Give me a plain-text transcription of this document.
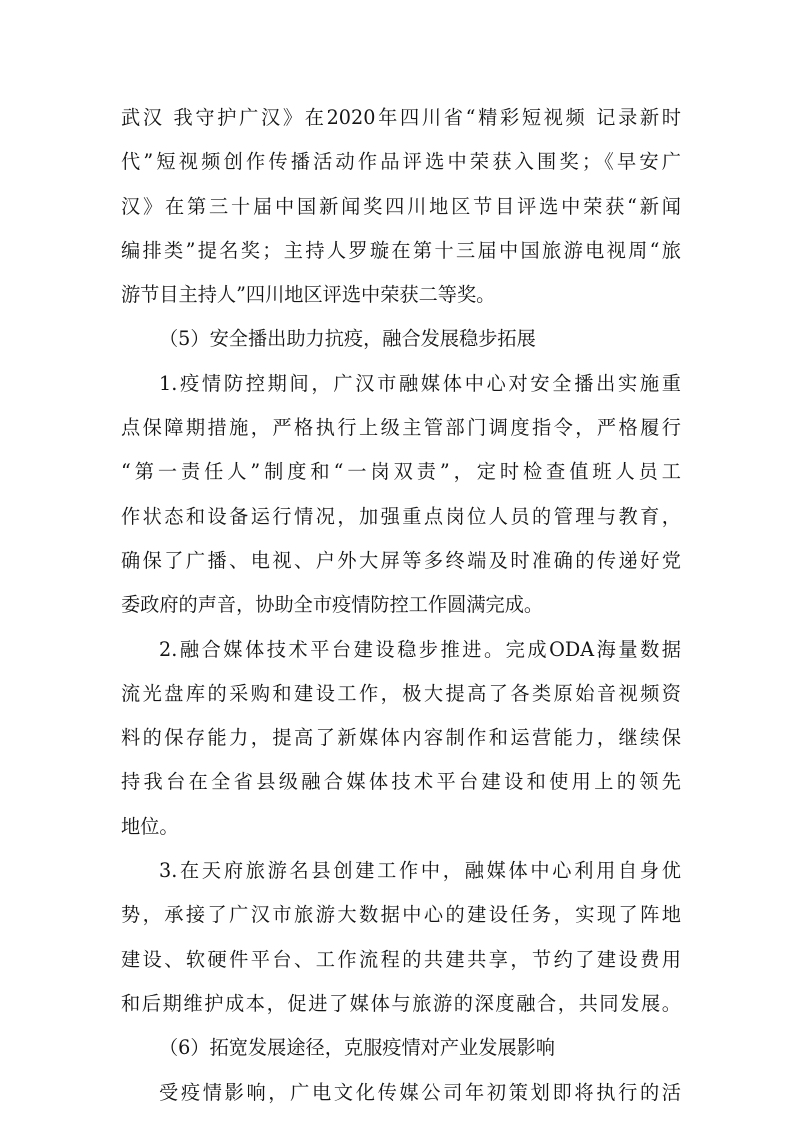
武汉 我守护广汉》在2020年四川省“精彩短视频 记录新时
代”短视频创作传播活动作品评选中荣获入围奖；《早安广
汉》在第三十届中国新闻奖四川地区节目评选中荣获“新闻
编排类”提名奖；主持人罗璇在第十三届中国旅游电视周“旅
游节目主持人”四川地区评选中荣获二等奖。
（5）安全播出助力抗疫，融合发展稳步拓展
1.疫情防控期间，广汉市融媒体中心对安全播出实施重
点保障期措施，严格执行上级主管部门调度指令，严格履行
“第一责任人”制度和“一岗双责”，定时检查值班人员工
作状态和设备运行情况，加强重点岗位人员的管理与教育，
确保了广播、电视、户外大屏等多终端及时准确的传递好党
委政府的声音，协助全市疫情防控工作圆满完成。
2.融合媒体技术平台建设稳步推进。完成ODA海量数据
流光盘库的采购和建设工作，极大提高了各类原始音视频资
料的保存能力，提高了新媒体内容制作和运营能力，继续保
持我台在全省县级融合媒体技术平台建设和使用上的领先
地位。
3.在天府旅游名县创建工作中，融媒体中心利用自身优
势，承接了广汉市旅游大数据中心的建设任务，实现了阵地
建设、软硬件平台、工作流程的共建共享，节约了建设费用
和后期维护成本，促进了媒体与旅游的深度融合，共同发展。
（6）拓宽发展途径，克服疫情对产业发展影响
受疫情影响，广电文化传媒公司年初策划即将执行的活
